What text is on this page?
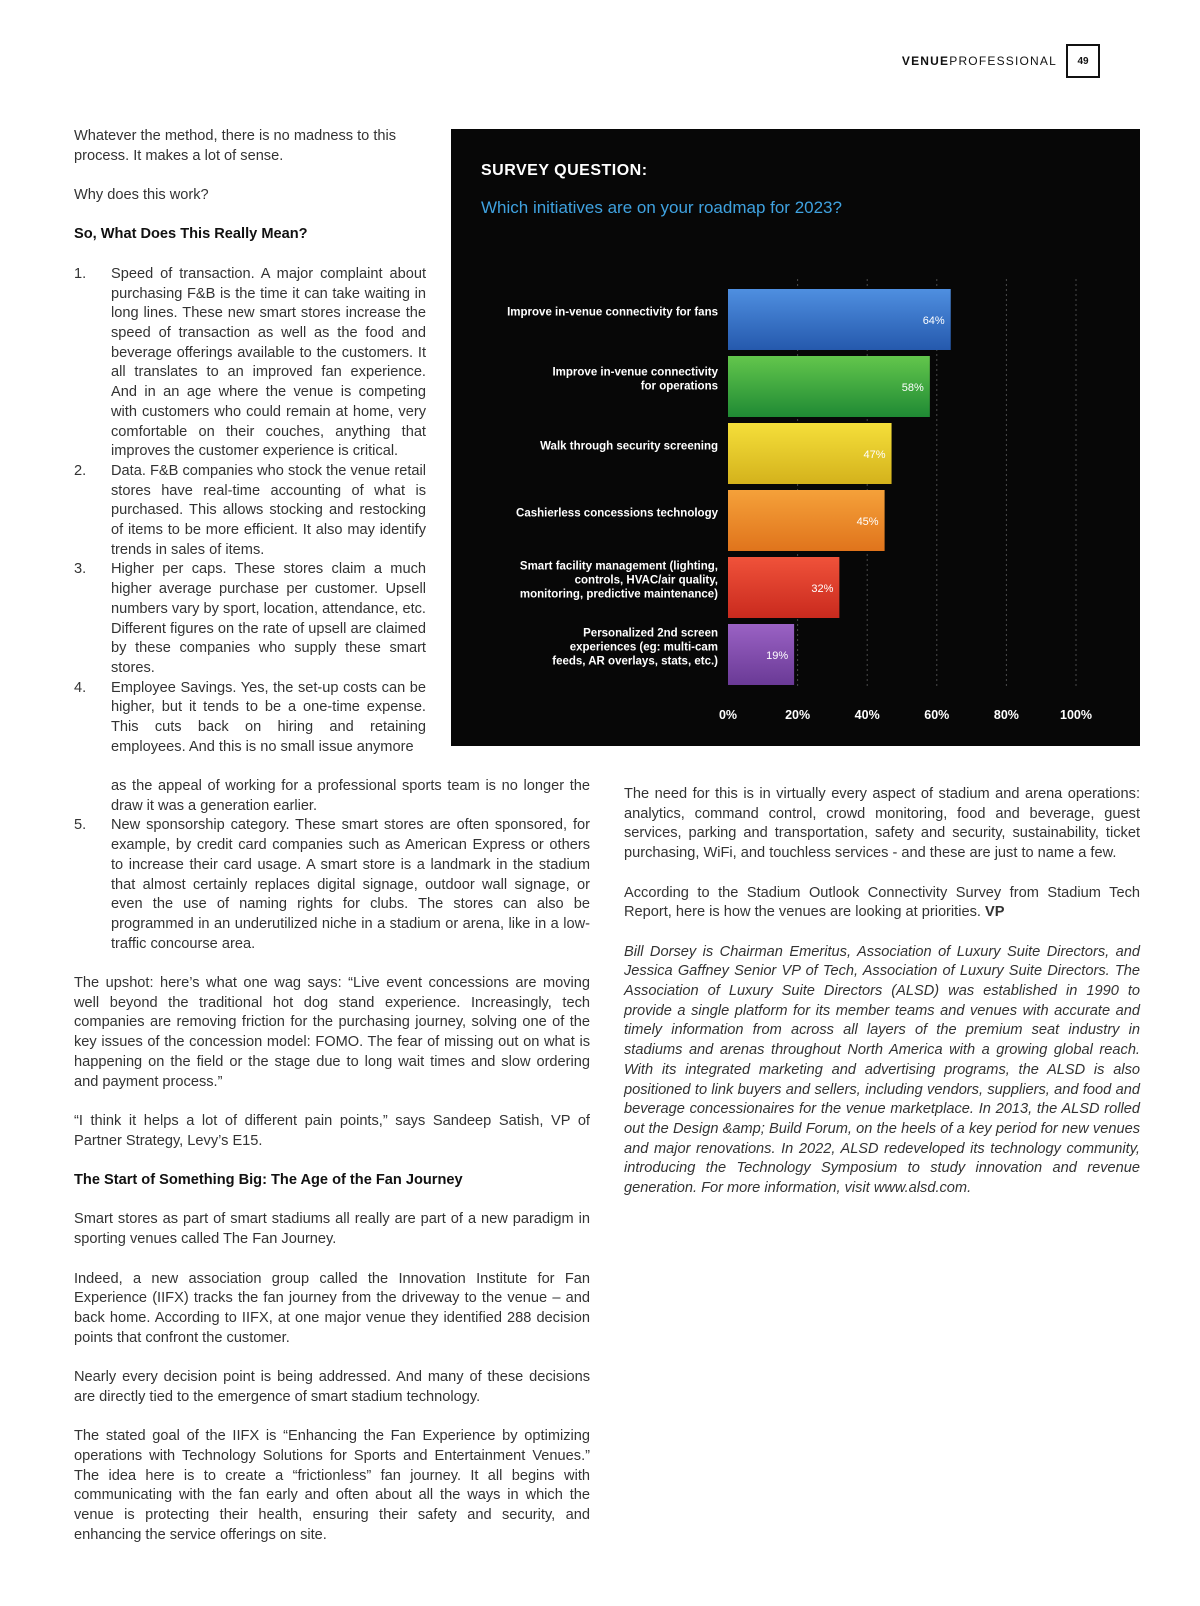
VENUEPROFESSIONAL	49

Whatever the method, there is no madness to this process. It makes a lot of sense.

Why does this work?

So, What Does This Really Mean?
1.	Speed of transaction. A major complaint about purchasing F&B is the time it can take waiting in long lines. These new smart stores increase the speed of transaction as well as the food and beverage offerings available to the customers. It all translates to an improved fan experience. And in an age where the venue is competing with customers who could remain at home, very comfortable on their couches, anything that improves the customer experience is critical.
2.	Data. F&B companies who stock the venue retail stores have real-time accounting of what is purchased. This allows stocking and restocking of items to be more efficient. It also may identify trends in sales of items.
3.	Higher per caps. These stores claim a much higher average purchase per customer. Upsell numbers vary by sport, location, attendance, etc. Different figures on the rate of upsell are claimed by these companies who supply these smart stores.
4.	Employee Savings. Yes, the set-up costs can be higher, but it tends to be a one-time expense. This cuts back on hiring and retaining employees. And this is no small issue anymore
as the appeal of working for a professional sports team is no longer the draw it was a generation earlier.
5.	New sponsorship category. These smart stores are often sponsored, for example, by credit card companies such as American Express or others to increase their card usage. A smart store is a landmark in the stadium that almost certainly replaces digital signage, outdoor wall signage, or even the use of naming rights for clubs. The stores can also be programmed in an underutilized niche in a stadium or arena, like in a low-traffic concourse area.

The upshot: here’s what one wag says: “Live event concessions are moving well beyond the traditional hot dog stand experience. Increasingly, tech companies are removing friction for the purchasing journey, solving one of the key issues of the concession model: FOMO. The fear of missing out on what is happening on the field or the stage due to long wait times and slow ordering and payment process.”

“I think it helps a lot of different pain points,” says Sandeep Satish, VP of Partner Strategy, Levy’s E15.

The Start of Something Big: The Age of the Fan Journey

Smart stores as part of smart stadiums all really are part of a new paradigm in sporting venues called The Fan Journey.

Indeed, a new association group called the Innovation Institute for Fan Experience (IIFX) tracks the fan journey from the driveway to the venue – and back home. According to IIFX, at one major venue they identified 288 decision points that confront the customer.

Nearly every decision point is being addressed. And many of these decisions are directly tied to the emergence of smart stadium technology.

The stated goal of the IIFX is “Enhancing the Fan Experience by optimizing operations with Technology Solutions for Sports and Entertainment Venues.” The idea here is to create a “frictionless” fan journey. It all begins with communicating with the fan early and often about all the ways in which the venue is protecting their health, ensuring their safety and security, and enhancing the service offerings on site.

The need for this is in virtually every aspect of stadium and arena operations: analytics, command control, crowd monitoring, food and beverage, guest services, parking and transportation, safety and security, sustainability, ticket purchasing, WiFi, and touchless services - and these are just to name a few.

According to the Stadium Outlook Connectivity Survey from Stadium Tech Report, here is how the venues are looking at priorities. VP

Bill Dorsey is Chairman Emeritus, Association of Luxury Suite Directors, and Jessica Gaffney Senior VP of Tech, Association of Luxury Suite Directors. The Association of Luxury Suite Directors (ALSD) was established in 1990 to provide a single platform for its member teams and venues with accurate and timely information from across all layers of the premium seat industry in stadiums and arenas throughout North America with a growing global reach. With its integrated marketing and advertising programs, the ALSD is also positioned to link buyers and sellers, including vendors, suppliers, and food and beverage concessionaires for the venue marketplace. In 2013, the ALSD rolled out the Design &amp; Build Forum, on the heels of a key period for new venues and major renovations. In 2022, ALSD redeveloped its technology community, introducing the Technology Symposium to study innovation and revenue generation. For more information, visit www.alsd.com.

SURVEY QUESTION:
Which initiatives are on your roadmap for 2023?
64%
58%
47%
45%
32%
19%
Improve in-venue connectivity for fans
Improve in-venue connectivity for operations
Walk through security screening
Cashierless concessions technology
Smart facility management (lighting, controls, HVAC/air quality, monitoring, predictive maintenance)
Personalized 2nd screen experiences (eg: multi-cam feeds, AR overlays, stats, etc.)
0%	20%	40%	60%	80%	100%
